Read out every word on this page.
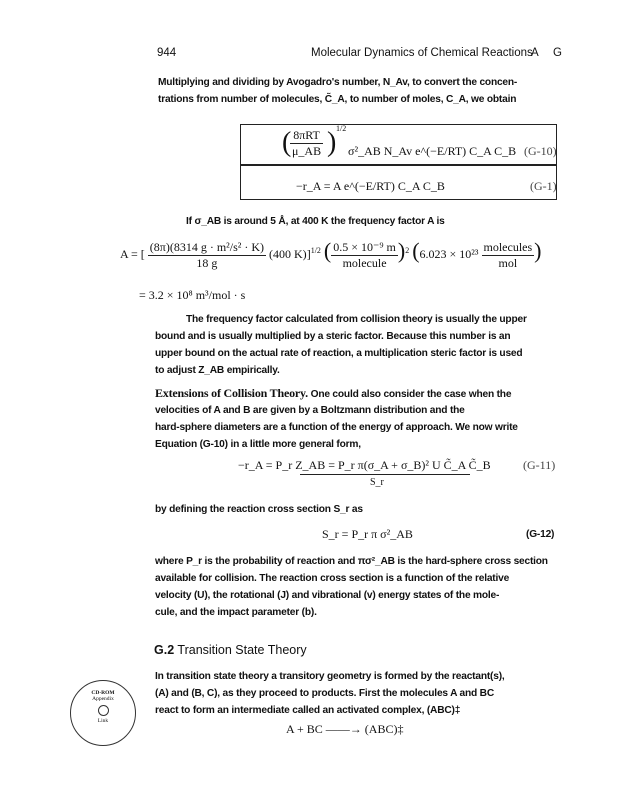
944	Molecular Dynamics of Chemical Reactions
A G
Multiplying and dividing by Avogadro's number, N_Av, to convert the concen-
trations from number of molecules, C̃_A, to number of moles, C_A, we obtain
(
$\frac{\text{8πRT}}{\mu\_AB}$ ) 1/2
σ²_AB N_Av e^(−E/RT) C_A C_B (G-10)
−r_A = A e^(−E/RT) C_A C_B	(G-1)
If σ_AB is around 5 Å, at 400 K the frequency factor A is
A = [ $\frac{\text{(8π)(8314 g · m²/s² · K)}}{18 g} (400$ K)]$^{1/2}$ ( $\frac{\text{0.5 × 10⁻⁹ m}}{\text{molecule}} )^2$ ($6.023 \times 10^{23} \frac{\text{molecules}}{\text{mol}}$ )
= 3.2 × 10⁸ m³/mol · s
The frequency factor calculated from collision theory is usually the upper
bound and is usually multiplied by a steric factor. Because this number is an
upper bound on the actual rate of reaction, a multiplication steric factor is used
to adjust Z_AB empirically.
Extensions of Collision Theory. One could also consider the case when the
velocities of A and B are given by a Boltzmann distribution and the
hard-sphere diameters are a function of the energy of approach. We now write
Equation (G-10) in a little more general form,
−r_A = P_r Z_AB = P_r π(σ_A + σ_B)² U C̃_A C̃_B
S_r
(G-11)
by defining the reaction cross section S_r as
S_r = P_r π σ²_AB	(G-12)
where P_r is the probability of reaction and πσ²_AB is the hard-sphere cross section
available for collision. The reaction cross section is a function of the relative
velocity (U), the rotational (J) and vibrational (v) energy states of the mole-
cule, and the impact parameter (b).
G.2 Transition State Theory
In transition state theory a transitory geometry is formed by the reactant(s),
(A) and (B, C), as they proceed to products. First the molecules A and BC
react to form an intermediate called an activated complex, (ABC)‡
A + BC ——→ (ABC)‡
CD-ROM
Appendix
Link
